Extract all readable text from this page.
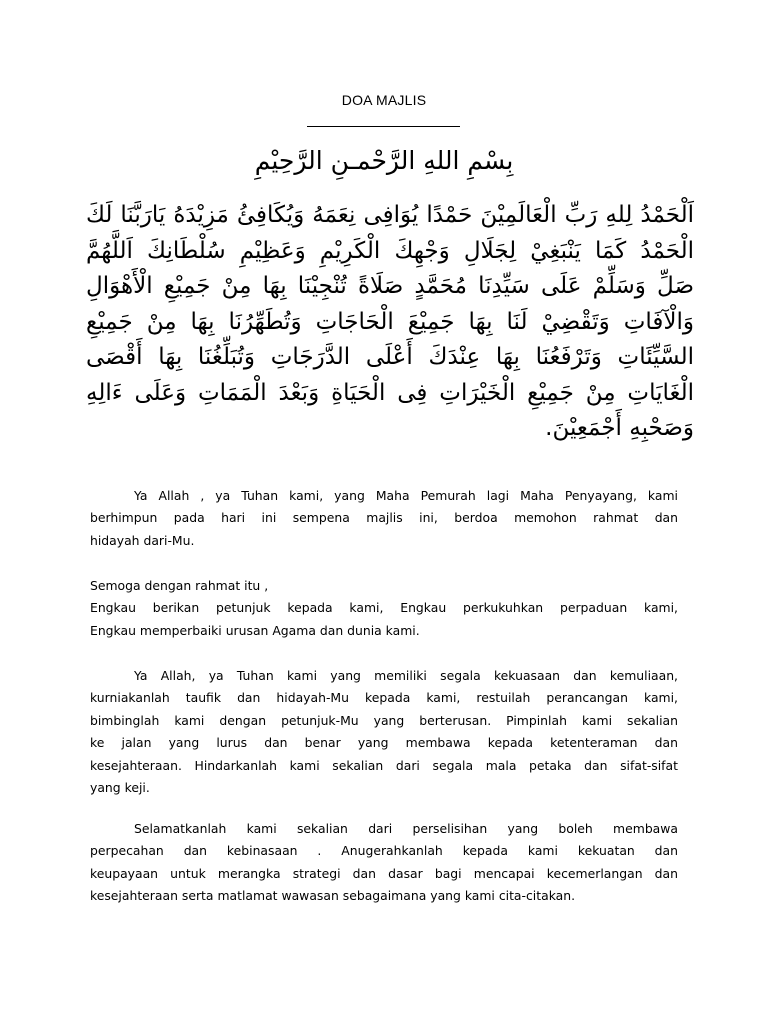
DOA MAJLIS
بِسْمِ اللهِ الرَّحْمـنِ الرَّحِيْمِ
اَلْحَمْدُ لِلهِ رَبِّ الْعَالَمِيْنَ حَمْدًا يُوَافِى نِعَمَهُ وَيُكَافِئُ مَزِيْدَهُ يَارَبَّنَا لَكَ
الْحَمْدُ كَمَا يَنْبَغِيْ لِجَلَالِ وَجْهِكَ الْكَرِيْمِ وَعَظِيْمِ سُلْطَانِكَ اَللَّهُمَّ
صَلِّ وَسَلِّمْ عَلَى سَيِّدِنَا مُحَمَّدٍ صَلَاةً تُنْجِيْنَا بِهَا مِنْ جَمِيْعِ الْأَهْوَالِ
وَالْآفَاتِ وَتَقْضِيْ لَنَا بِهَا جَمِيْعَ الْحَاجَاتِ وَتُطَهِّرُنَا بِهَا مِنْ جَمِيْعِ
السَّيِّئَاتِ وَتَرْفَعُنَا بِهَا عِنْدَكَ أَعْلَى الدَّرَجَاتِ وَتُبَلِّغُنَا بِهَا أَقْصَى
الْغَايَاتِ مِنْ جَمِيْعِ الْخَيْرَاتِ فِى الْحَيَاةِ وَبَعْدَ الْمَمَاتِ وَعَلَى ءَالِهِ
وَصَحْبِهِ أَجْمَعِيْنَ.
Ya Allah , ya Tuhan kami, yang Maha Pemurah lagi Maha Penyayang, kami
berhimpun pada hari ini sempena majlis ini, berdoa memohon rahmat dan
hidayah dari-Mu.
Semoga dengan rahmat itu ,
Engkau berikan petunjuk kepada kami, Engkau perkukuhkan perpaduan kami,
Engkau memperbaiki urusan Agama dan dunia kami.
Ya Allah, ya Tuhan kami yang memiliki segala kekuasaan dan kemuliaan,
kurniakanlah taufik dan hidayah-Mu kepada kami, restuilah perancangan kami,
bimbinglah kami dengan petunjuk-Mu yang berterusan. Pimpinlah kami sekalian
ke jalan yang lurus dan benar yang membawa kepada ketenteraman dan
kesejahteraan. Hindarkanlah kami sekalian dari segala mala petaka dan sifat-sifat
yang keji.
Selamatkanlah kami sekalian dari perselisihan yang boleh membawa
perpecahan dan kebinasaan . Anugerahkanlah kepada kami kekuatan dan
keupayaan untuk merangka strategi dan dasar bagi mencapai kecemerlangan dan
kesejahteraan serta matlamat wawasan sebagaimana yang kami cita-citakan.
